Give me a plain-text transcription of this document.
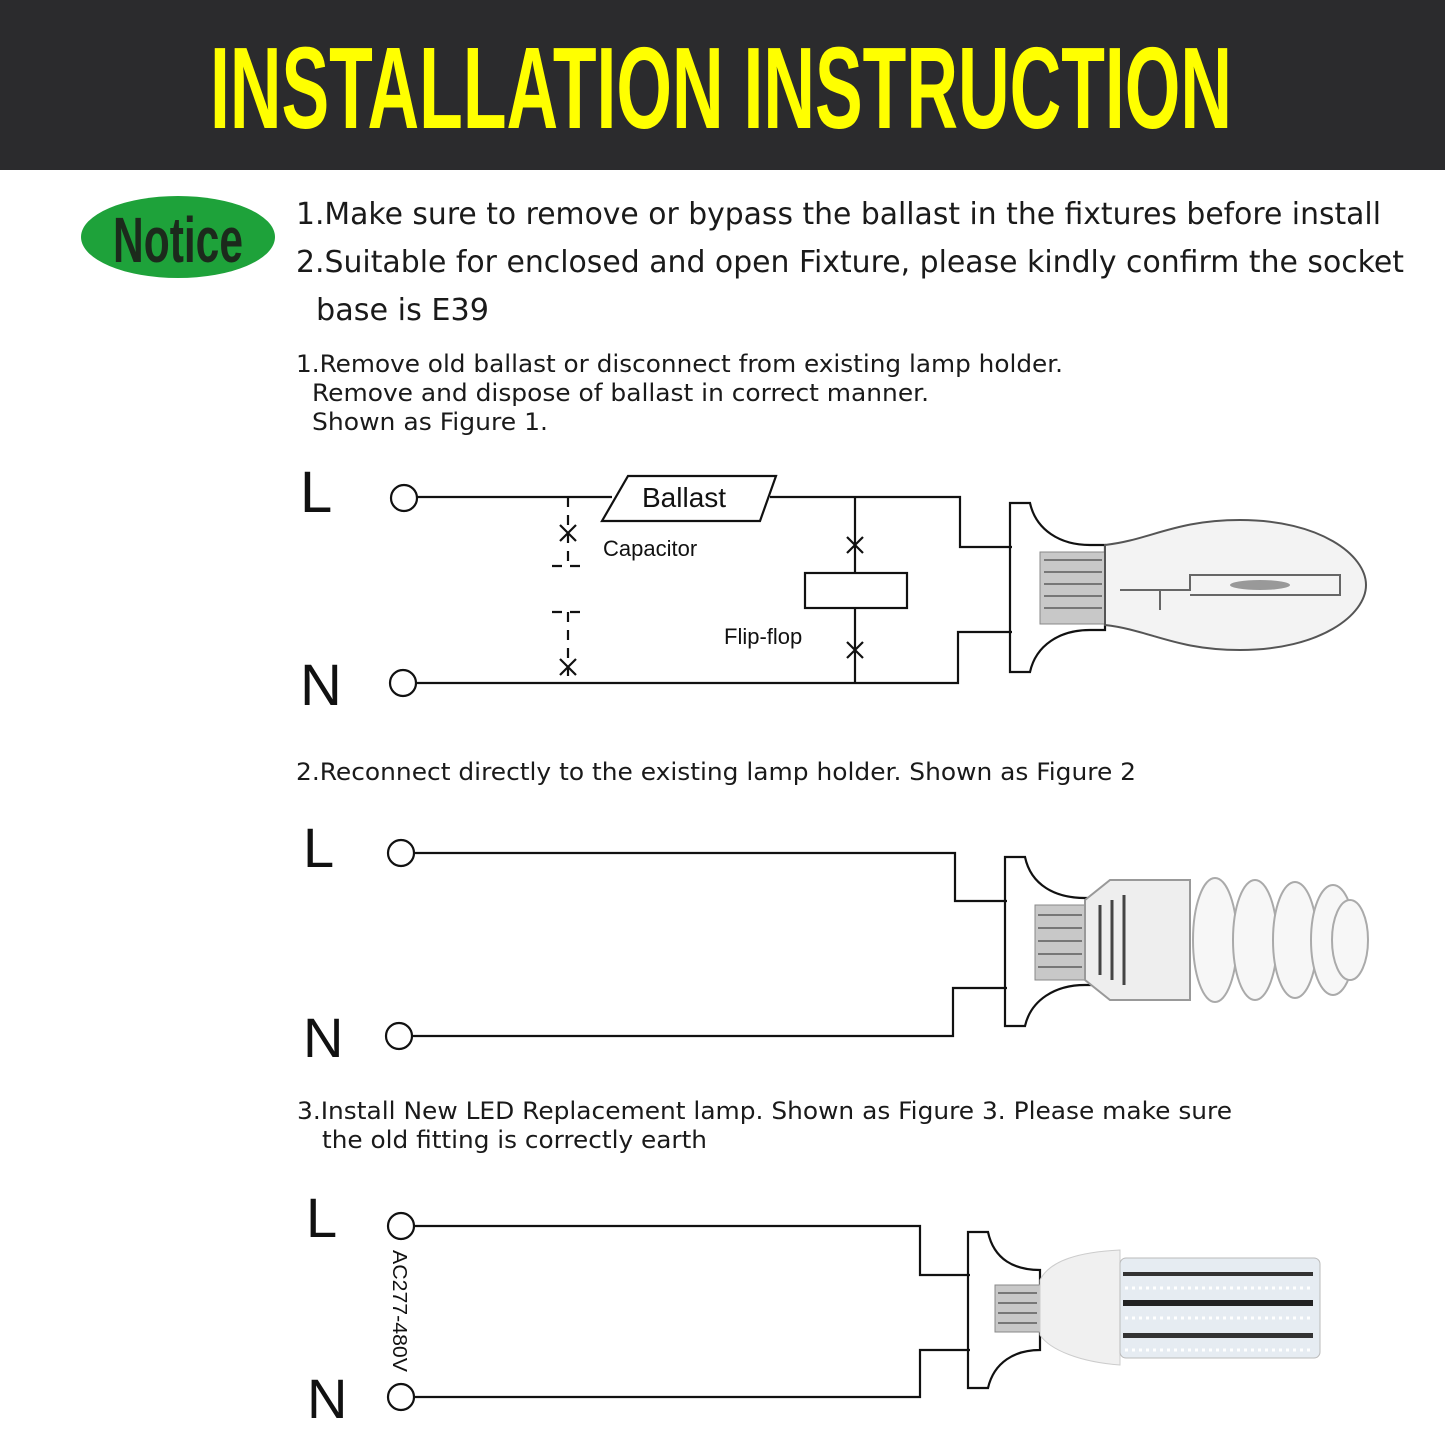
INSTALLATION INSTRUCTION
Notice 1.Make sure to remove or bypass the ballast in the fixtures before install
2.Suitable for enclosed and open Fixture, please kindly confirm the socket
base is E39
1.Remove old ballast or disconnect from existing lamp holder.
Remove and dispose of ballast in correct manner.
Shown as Figure 1.
2.Reconnect directly to the existing lamp holder. Shown as Figure 2
3.Install New LED Replacement lamp. Shown as Figure 3. Please make sure
the old fitting is correctly earth
L
N
Ballast
Capacitor
Flip-flop
L
N
L
N
AC277-480V
